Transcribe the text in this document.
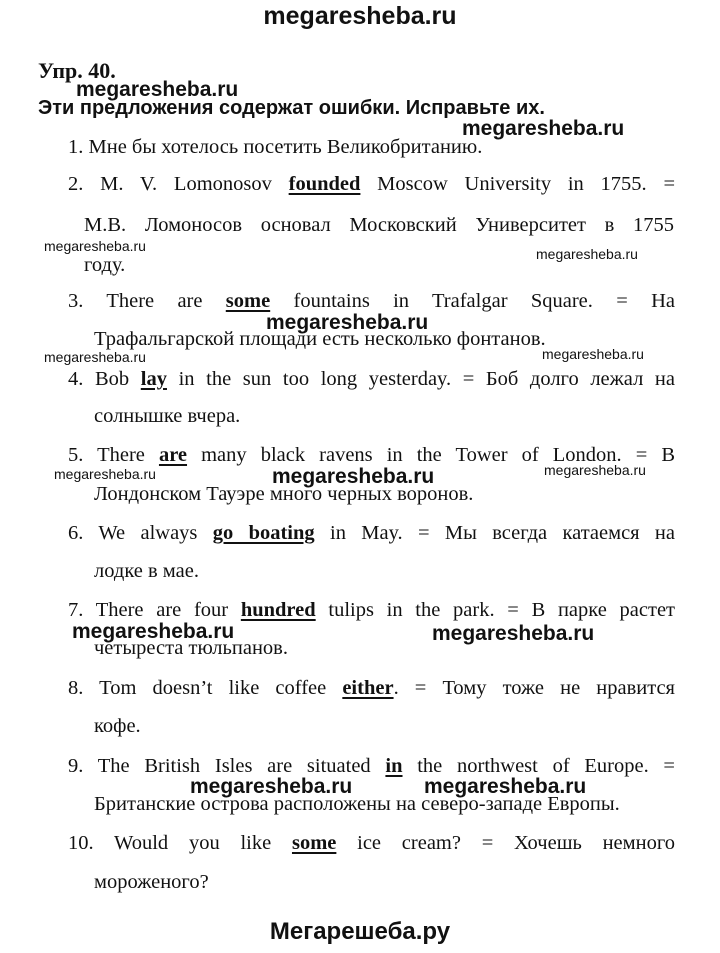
megaresheba.ru
Упр. 40.
megaresheba.ru
Эти предложения содержат ошибки. Исправьте их.
megaresheba.ru
1. Мне бы хотелось посетить Великобританию.
2. M. V. Lomonosov founded Moscow University in 1755. =
М.В. Ломоносов основал Московский Университет в 1755
megaresheba.ru	megaresheba.ru
году.
3. There are some fountains in Trafalgar Square. = На
megaresheba.ru
Трафальгарской площади есть несколько фонтанов.
megaresheba.ru	megaresheba.ru
4. Bob lay in the sun too long yesterday. = Боб долго лежал на
солнышке вчера.
5. There are many black ravens in the Tower of London. = В
megaresheba.ru	megaresheba.ru	megaresheba.ru
Лондонском Тауэре много черных воронов.
6. We always go boating in May. = Мы всегда катаемся на
лодке в мае.
7. There are four hundred tulips in the park. = В парке растет
megaresheba.ru	megaresheba.ru
четыреста тюльпанов.
8. Tom doesn’t like coffee either. = Тому тоже не нравится
кофе.
9. The British Isles are situated in the northwest of Europe. =
megaresheba.ru	megaresheba.ru
Британские острова расположены на северо-западе Европы.
10. Would you like some ice cream? = Хочешь немного
мороженого?
Мегарешеба.ру
